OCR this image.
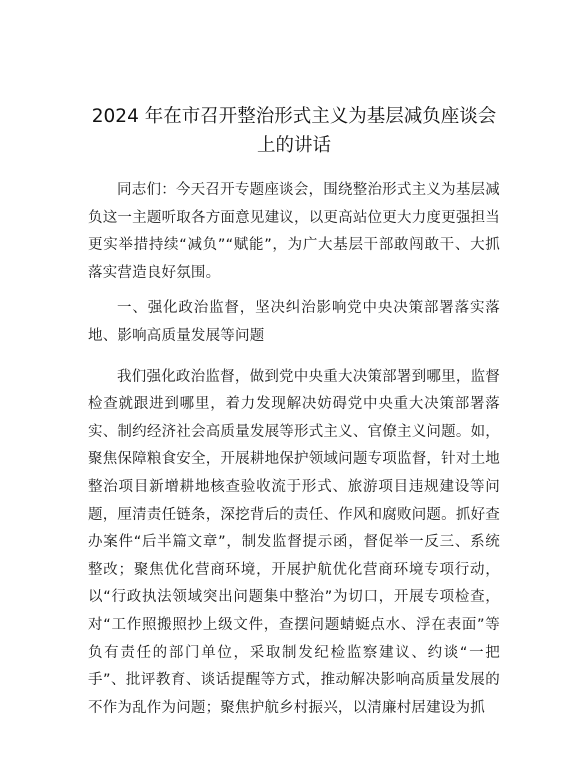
2024 年在市召开整治形式主义为基层减负座谈会上的讲话

同志们：今天召开专题座谈会，围绕整治形式主义为基层减负这一主题听取各方面意见建议，以更高站位更大力度更强担当更实举措持续“减负”“赋能”，为广大基层干部敢闯敢干、大抓落实营造良好氛围。

一、强化政治监督，坚决纠治影响党中央决策部署落实落地、影响高质量发展等问题

我们强化政治监督，做到党中央重大决策部署到哪里，监督检查就跟进到哪里，着力发现解决妨碍党中央重大决策部署落实、制约经济社会高质量发展等形式主义、官僚主义问题。如，聚焦保障粮食安全，开展耕地保护领域问题专项监督，针对土地整治项目新增耕地核查验收流于形式、旅游项目违规建设等问题，厘清责任链条，深挖背后的责任、作风和腐败问题。抓好查办案件“后半篇文章”，制发监督提示函，督促举一反三、系统整改；聚焦优化营商环境，开展护航优化营商环境专项行动，以“行政执法领域突出问题集中整治”为切口，开展专项检查，对“工作照搬照抄上级文件，查摆问题蜻蜓点水、浮在表面”等负有责任的部门单位，采取制发纪检监察建议、约谈“一把手”、批评教育、谈话提醒等方式，推动解决影响高质量发展的不作为乱作为问题；聚焦护航乡村振兴，以清廉村居建设为抓
